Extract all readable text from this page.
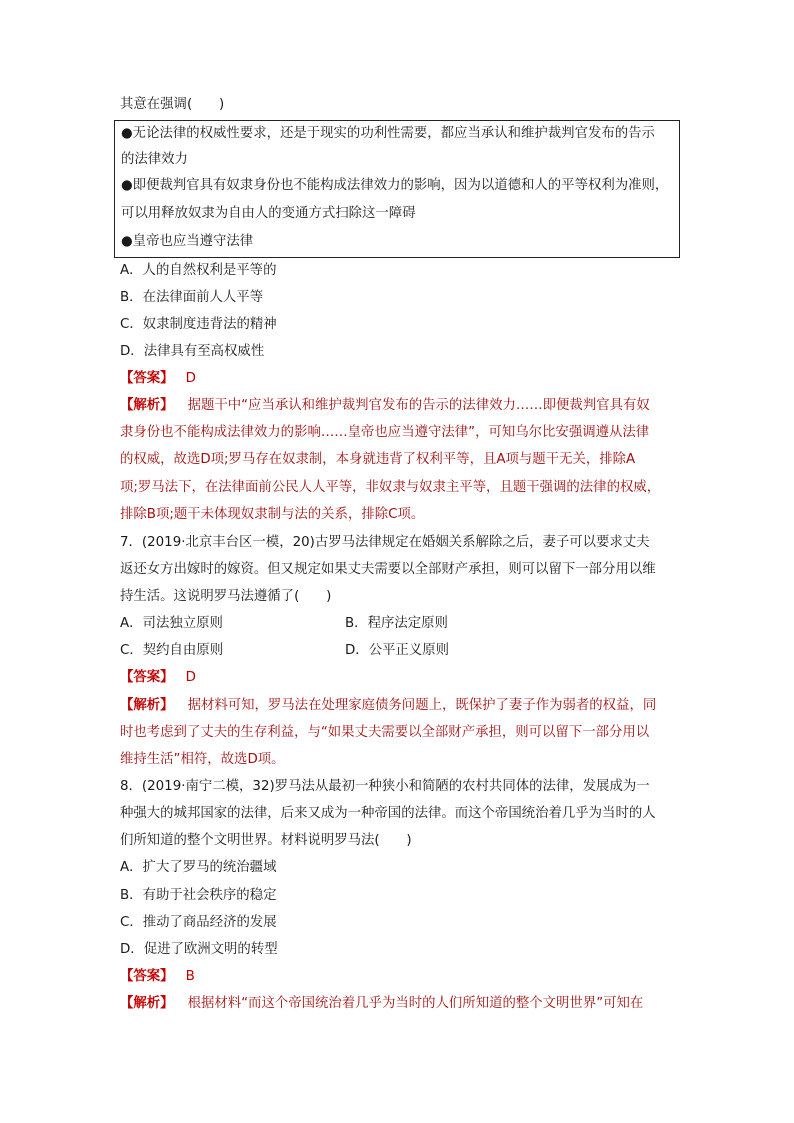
其意在强调(　　)
●无论法律的权威性要求，还是于现实的功利性需要，都应当承认和维护裁判官发布的告示
的法律效力
●即便裁判官具有奴隶身份也不能构成法律效力的影响，因为以道德和人的平等权利为准则，
可以用释放奴隶为自由人的变通方式扫除这一障碍
●皇帝也应当遵守法律
A．人的自然权利是平等的
B．在法律面前人人平等
C．奴隶制度违背法的精神
D．法律具有至高权威性
【答案】 D
【解析】 据题干中“应当承认和维护裁判官发布的告示的法律效力……即便裁判官具有奴
隶身份也不能构成法律效力的影响……皇帝也应当遵守法律”，可知乌尔比安强调遵从法律
的权威，故选D项;罗马存在奴隶制，本身就违背了权利平等，且A项与题干无关，排除A
项;罗马法下，在法律面前公民人人平等，非奴隶与奴隶主平等，且题干强调的法律的权威，
排除B项;题干未体现奴隶制与法的关系，排除C项。
7．(2019·北京丰台区一模，20)古罗马法律规定在婚姻关系解除之后，妻子可以要求丈夫
返还女方出嫁时的嫁资。但又规定如果丈夫需要以全部财产承担，则可以留下一部分用以维
持生活。这说明罗马法遵循了(　　)
A．司法独立原则	B．程序法定原则
C．契约自由原则	D．公平正义原则
【答案】 D
【解析】 据材料可知，罗马法在处理家庭债务问题上，既保护了妻子作为弱者的权益，同
时也考虑到了丈夫的生存利益，与“如果丈夫需要以全部财产承担，则可以留下一部分用以
维持生活”相符，故选D项。
8．(2019·南宁二模，32)罗马法从最初一种狭小和简陋的农村共同体的法律，发展成为一
种强大的城邦国家的法律，后来又成为一种帝国的法律。而这个帝国统治着几乎为当时的人
们所知道的整个文明世界。材料说明罗马法(　　)
A．扩大了罗马的统治疆域
B．有助于社会秩序的稳定
C．推动了商品经济的发展
D．促进了欧洲文明的转型
【答案】 B
【解析】 根据材料“而这个帝国统治着几乎为当时的人们所知道的整个文明世界”可知在
